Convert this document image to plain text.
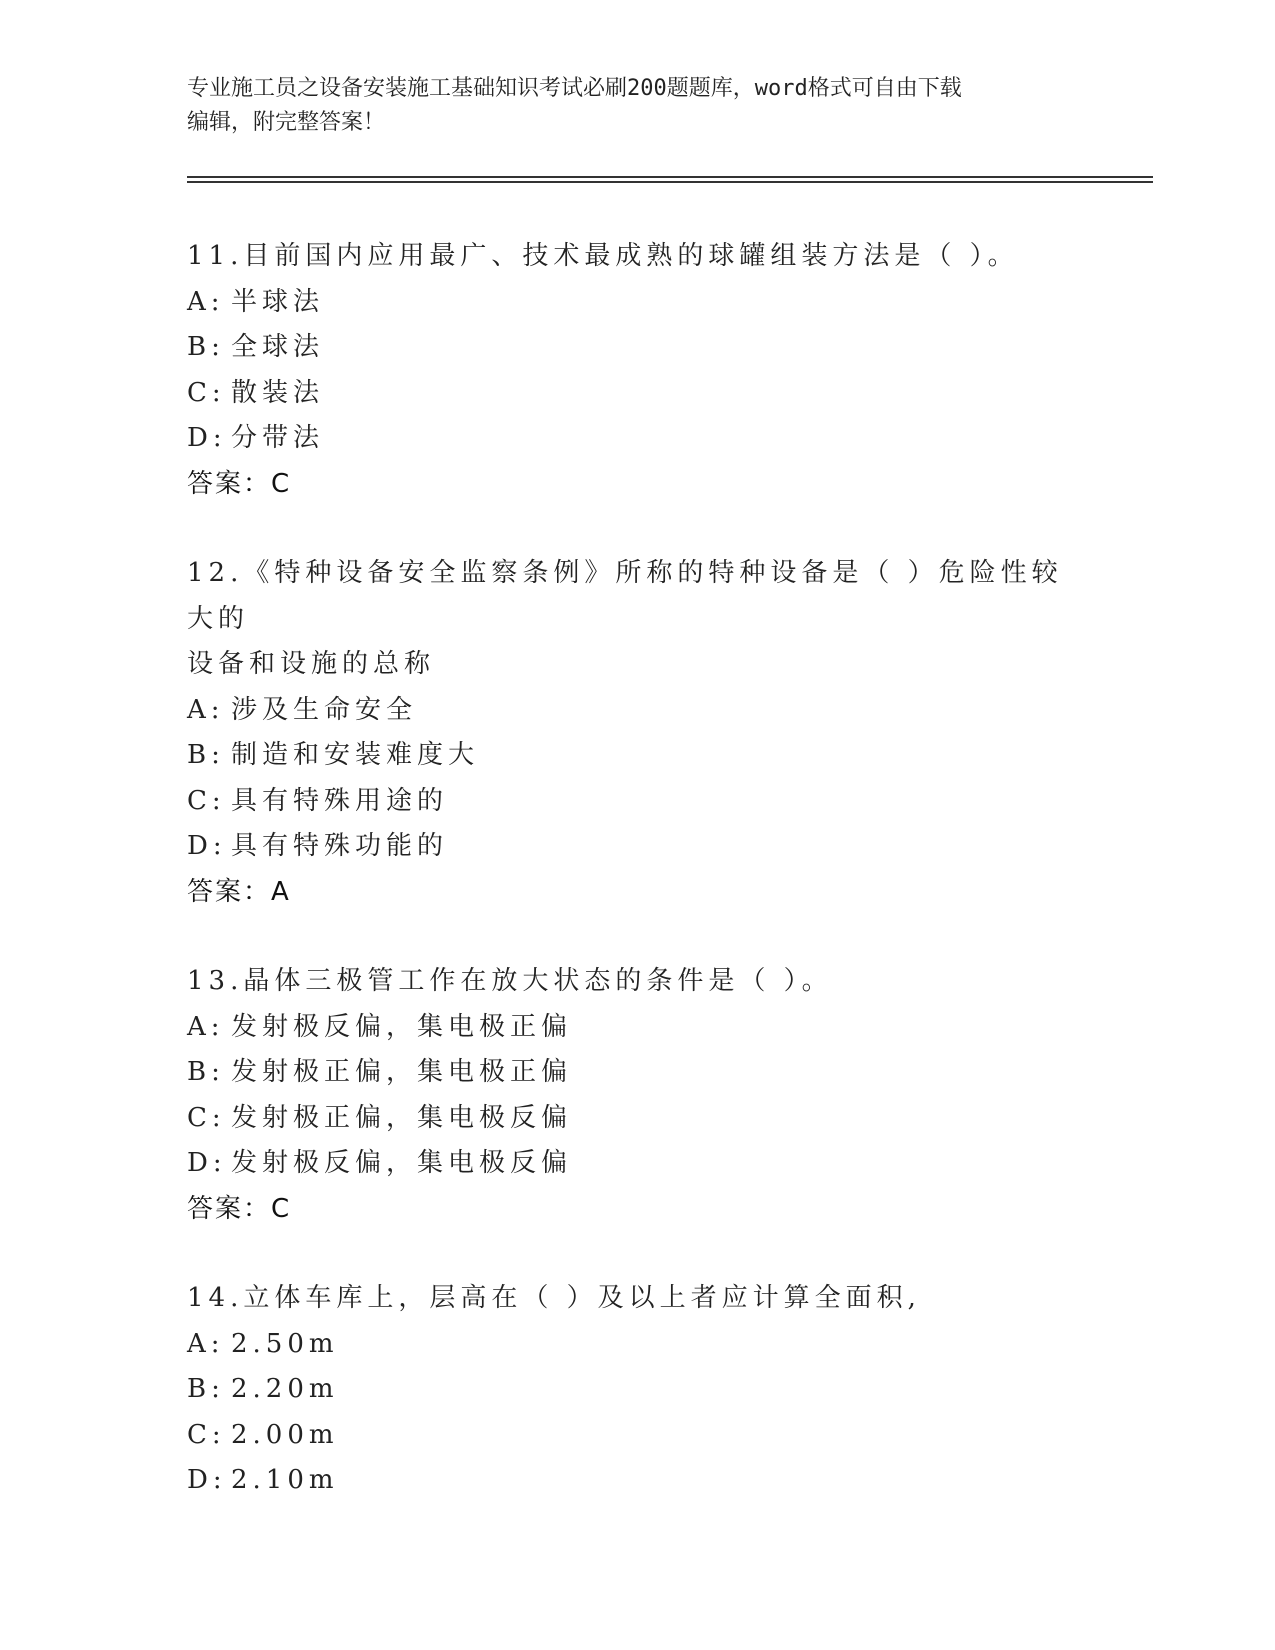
专业施工员之设备安装施工基础知识考试必刷200题题库，word格式可自由下载
编辑，附完整答案！
11.目前国内应用最广、技术最成熟的球罐组装方法是（ ）。
A: 半球法
B: 全球法
C: 散装法
D: 分带法
答案：C
12.《特种设备安全监察条例》所称的特种设备是（ ）危险性较大的
设备和设施的总称
A: 涉及生命安全
B: 制造和安装难度大
C: 具有特殊用途的
D: 具有特殊功能的
答案：A
13.晶体三极管工作在放大状态的条件是（ ）。
A: 发射极反偏，集电极正偏
B: 发射极正偏，集电极正偏
C: 发射极正偏，集电极反偏
D: 发射极反偏，集电极反偏
答案：C
14.立体车库上，层高在（ ）及以上者应计算全面积,
A: 2.50m
B: 2.20m
C: 2.00m
D: 2.10m
